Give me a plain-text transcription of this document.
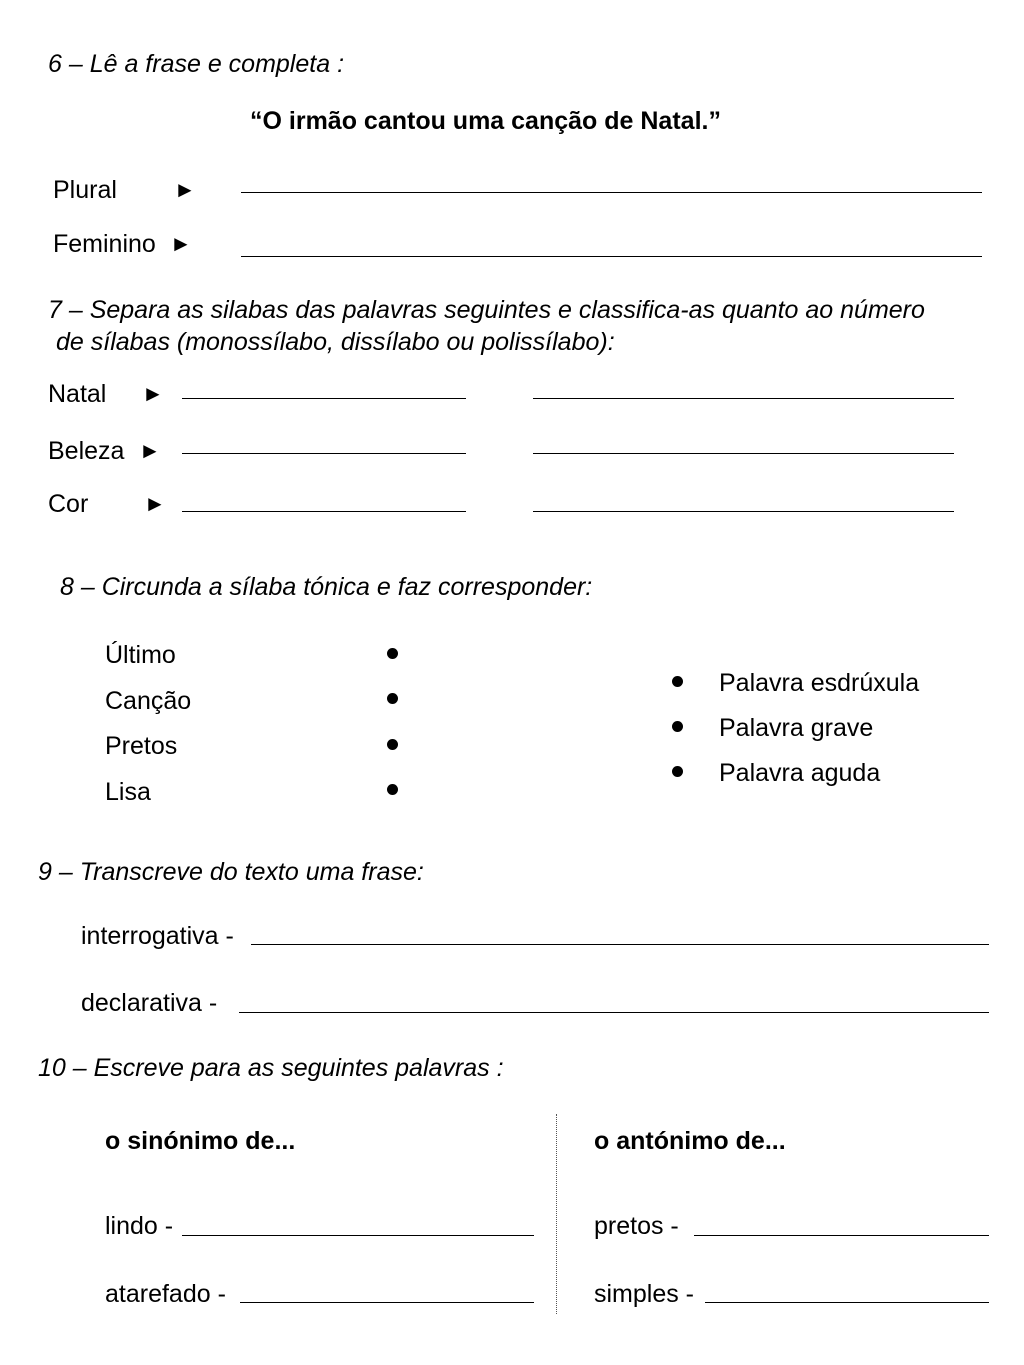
6 – Lê a frase e completa :
“O irmão cantou uma canção de Natal.”
Plural	►
Feminino ►
7 – Separa as silabas das palavras seguintes e classifica-as quanto ao número
de sílabas (monossílabo, dissílabo ou polissílabo):
Natal ►
Beleza ►
Cor	►
8 – Circunda a sílaba tónica e faz corresponder:
Último
Canção
Pretos
Lisa
Palavra esdrúxula
Palavra grave
Palavra aguda
9 – Transcreve do texto uma frase:
interrogativa -
declarativa -
10 – Escreve para as seguintes palavras :
o sinónimo de...
lindo -
atarefado -
o antónimo de...
pretos -
simples -
